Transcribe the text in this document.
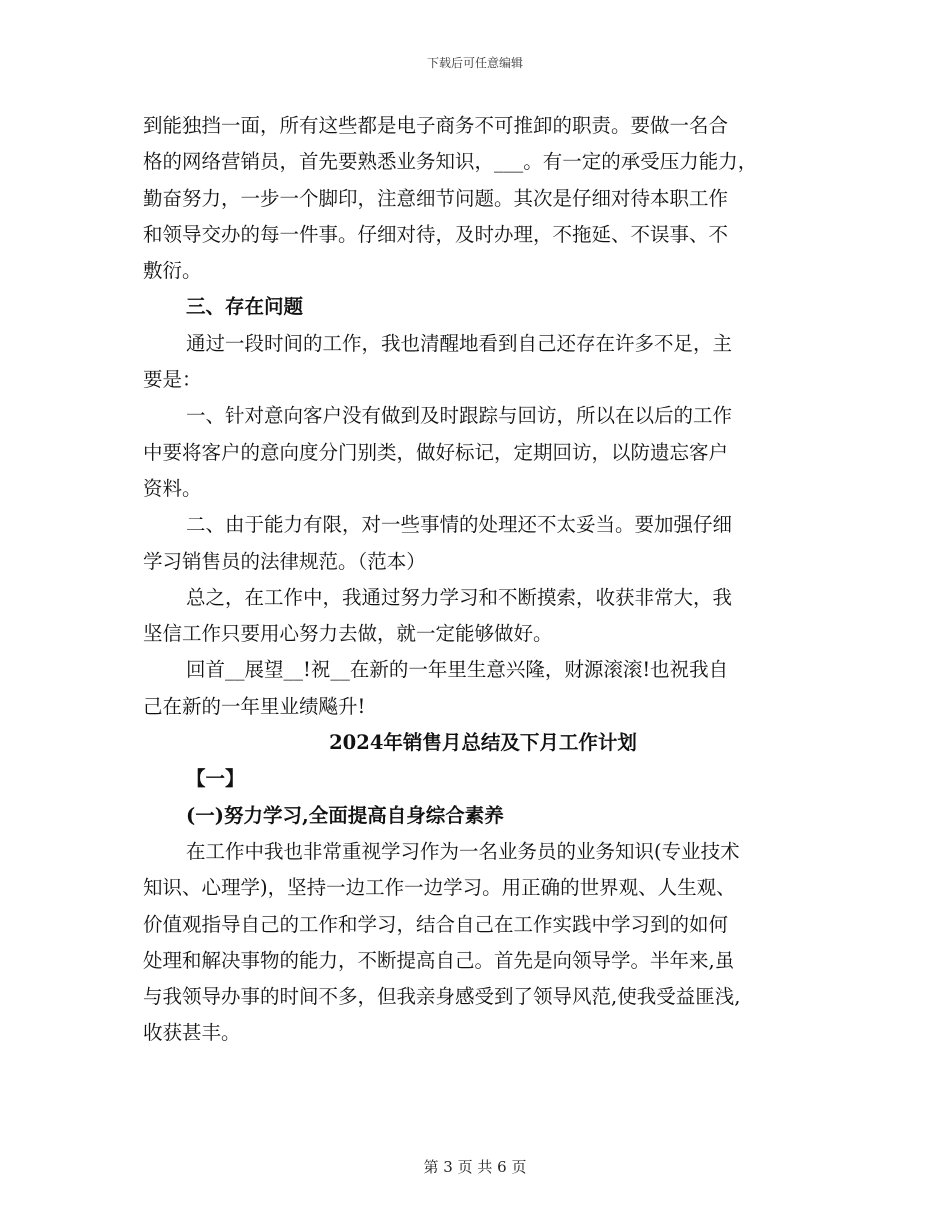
下载后可任意编辑
到能独挡一面，所有这些都是电子商务不可推卸的职责。要做一名合
格的网络营销员，首先要熟悉业务知识，___。有一定的承受压力能力，
勤奋努力，一步一个脚印，注意细节问题。其次是仔细对待本职工作
和领导交办的每一件事。仔细对待，及时办理，不拖延、不误事、不
敷衍。
三、存在问题
通过一段时间的工作，我也清醒地看到自己还存在许多不足，主
要是：
一、针对意向客户没有做到及时跟踪与回访，所以在以后的工作
中要将客户的意向度分门别类，做好标记，定期回访，以防遗忘客户
资料。
二、由于能力有限，对一些事情的处理还不太妥当。要加强仔细
学习销售员的法律规范。（范本）
总之，在工作中，我通过努力学习和不断摸索，收获非常大，我
坚信工作只要用心努力去做，就一定能够做好。
回首__展望__!祝__在新的一年里生意兴隆，财源滚滚!也祝我自
己在新的一年里业绩飚升!
2024年销售月总结及下月工作计划
【一】
(一)努力学习,全面提高自身综合素养
在工作中我也非常重视学习作为一名业务员的业务知识(专业技术
知识、心理学)，坚持一边工作一边学习。用正确的世界观、人生观、
价值观指导自己的工作和学习，结合自己在工作实践中学习到的如何
处理和解决事物的能力，不断提高自己。首先是向领导学。半年来,虽
与我领导办事的时间不多，但我亲身感受到了领导风范,使我受益匪浅,
收获甚丰。
第 3 页 共 6 页
